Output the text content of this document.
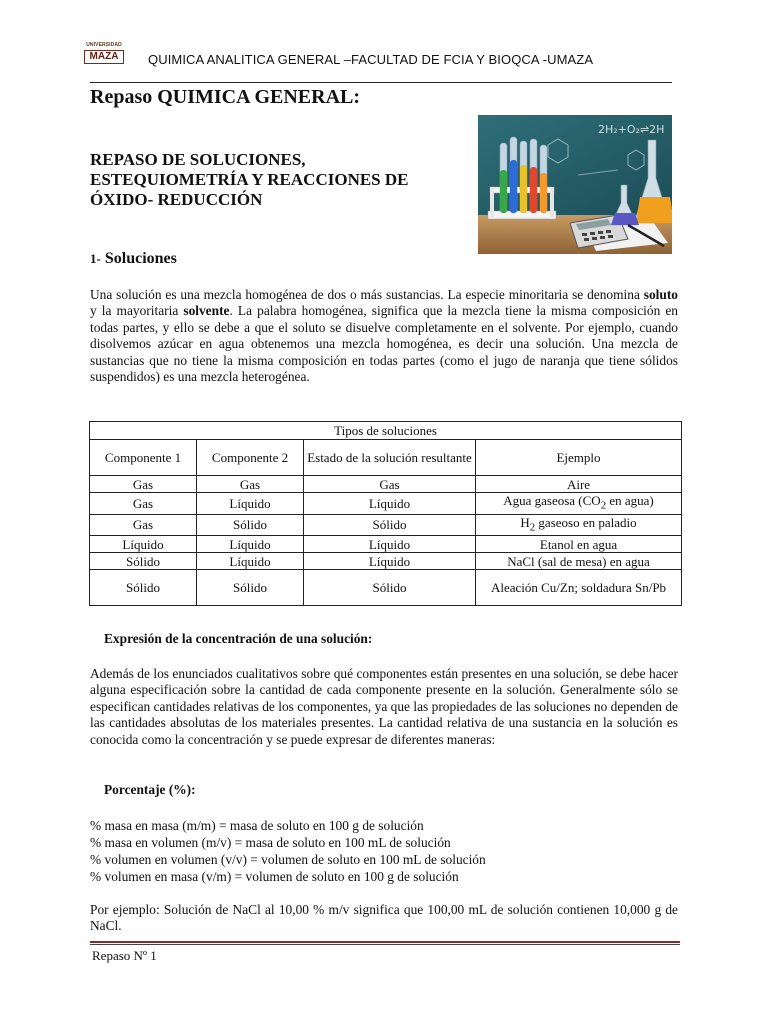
UNIVERSIDAD
MAZA	QUIMICA ANALITICA GENERAL –FACULTAD DE FCIA Y BIOQCA -UMAZA
Repaso QUIMICA GENERAL:
REPASO DE SOLUCIONES, ESTEQUIOMETRÍA Y REACCIONES DE ÓXIDO- REDUCCIÓN
2H₂+O₂⇌2H
1- Soluciones
Una solución es una mezcla homogénea de dos o más sustancias. La especie minoritaria se denomina soluto y la mayoritaria solvente. La palabra homogénea, significa que la mezcla tiene la misma composición en todas partes, y ello se debe a que el soluto se disuelve completamente en el solvente. Por ejemplo, cuando disolvemos azúcar en agua obtenemos una mezcla homogénea, es decir una solución. Una mezcla de sustancias que no tiene la misma composición en todas partes (como el jugo de naranja que tiene sólidos suspendidos) es una mezcla heterogénea.
Tipos de soluciones			
Componente 1	Componente 2	Estado de la solución resultante	Ejemplo
Gas	Gas	Gas	Aire
Gas	Líquido	Líquido	Agua gaseosa ($CO_2$ en agua)
Gas	Sólido	Sólido	$H_2$ gaseoso en paladio
Líquido	Líquido	Líquido	Etanol en agua
Sólido	Líquido	Líquido	NaCl (sal de mesa) en agua
Sólido	Sólido	Sólido	Aleación Cu/Zn; soldadura Sn/Pb
Expresión de la concentración de una solución:
Además de los enunciados cualitativos sobre qué componentes están presentes en una solución, se debe hacer alguna especificación sobre la cantidad de cada componente presente en la solución. Generalmente sólo se especifican cantidades relativas de los componentes, ya que las propiedades de las soluciones no dependen de las cantidades absolutas de los materiales presentes. La cantidad relativa de una sustancia en la solución es conocida como la concentración y se puede expresar de diferentes maneras:
Porcentaje (%):
% masa en masa (m/m) = masa de soluto en 100 g de solución
% masa en volumen (m/v) = masa de soluto en 100 mL de solución
% volumen en volumen (v/v) = volumen de soluto en 100 mL de solución
% volumen en masa (v/m) = volumen de soluto en 100 g de solución
Por ejemplo: Solución de NaCl al 10,00 % m/v significa que 100,00 mL de solución contienen 10,000 g de NaCl.
Repaso Nº 1
